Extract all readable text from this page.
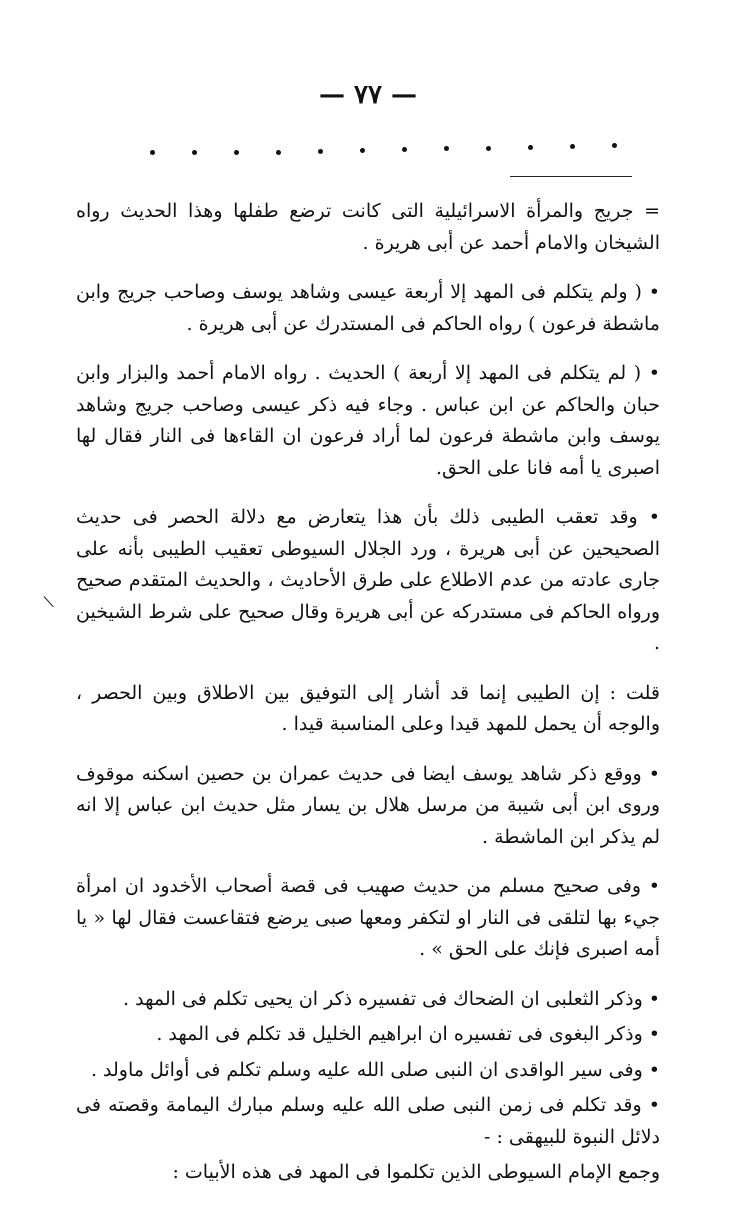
— ٧٧ —

= جريج والمرأة الاسرائيلية التى كانت ترضع طفلها وهذا الحديث رواه الشيخان والامام أحمد عن أبى هريرة .

• ( ولم يتكلم فى المهد إلا أربعة عيسى وشاهد يوسف وصاحب جريج وابن ماشطة فرعون ) رواه الحاكم فى المستدرك عن أبى هريرة .

• ( لم يتكلم فى المهد إلا أربعة ) الحديث . رواه الامام أحمد والبزار وابن حبان والحاكم عن ابن عباس . وجاء فيه ذكر عيسى وصاحب جريج وشاهد يوسف وابن ماشطة فرعون لما أراد فرعون ان القاءها فى النار فقال لها اصبرى يا أمه فانا على الحق.

• وقد تعقب الطيبى ذلك بأن هذا يتعارض مع دلالة الحصر فى حديث الصحيحين عن أبى هريرة ، ورد الجلال السيوطى تعقيب الطيبى بأنه على جارى عادته من عدم الاطلاع على طرق الأحاديث ، والحديث المتقدم صحيح ورواه الحاكم فى مستدركه عن أبى هريرة وقال صحيح على شرط الشيخين .

قلت : إن الطيبى إنما قد أشار إلى التوفيق بين الاطلاق وبين الحصر ، والوجه أن يحمل للمهد قيدا وعلى المناسبة قيدا .

• ووقع ذكر شاهد يوسف ايضا فى حديث عمران بن حصين اسكنه موقوف وروى ابن أبى شيبة من مرسل هلال بن يسار مثل حديث ابن عباس إلا انه لم يذكر ابن الماشطة .

• وفى صحيح مسلم من حديث صهيب فى قصة أصحاب الأخدود ان امرأة جيء بها لتلقى فى النار او لتكفر ومعها صبى يرضع فتقاعست فقال لها « يا أمه اصبرى فإنك على الحق » .

• وذكر الثعلبى ان الضحاك فى تفسيره ذكر ان يحيى تكلم فى المهد .

• وذكر البغوى فى تفسيره ان ابراهيم الخليل قد تكلم فى المهد .

• وفى سير الواقدى ان النبى صلى الله عليه وسلم تكلم فى أوائل ماولد .

• وقد تكلم فى زمن النبى صلى الله عليه وسلم مبارك اليمامة وقصته فى دلائل النبوة للبيهقى : -

وجمع الإمام السيوطى الذين تكلموا فى المهد فى هذه الأبيات :
